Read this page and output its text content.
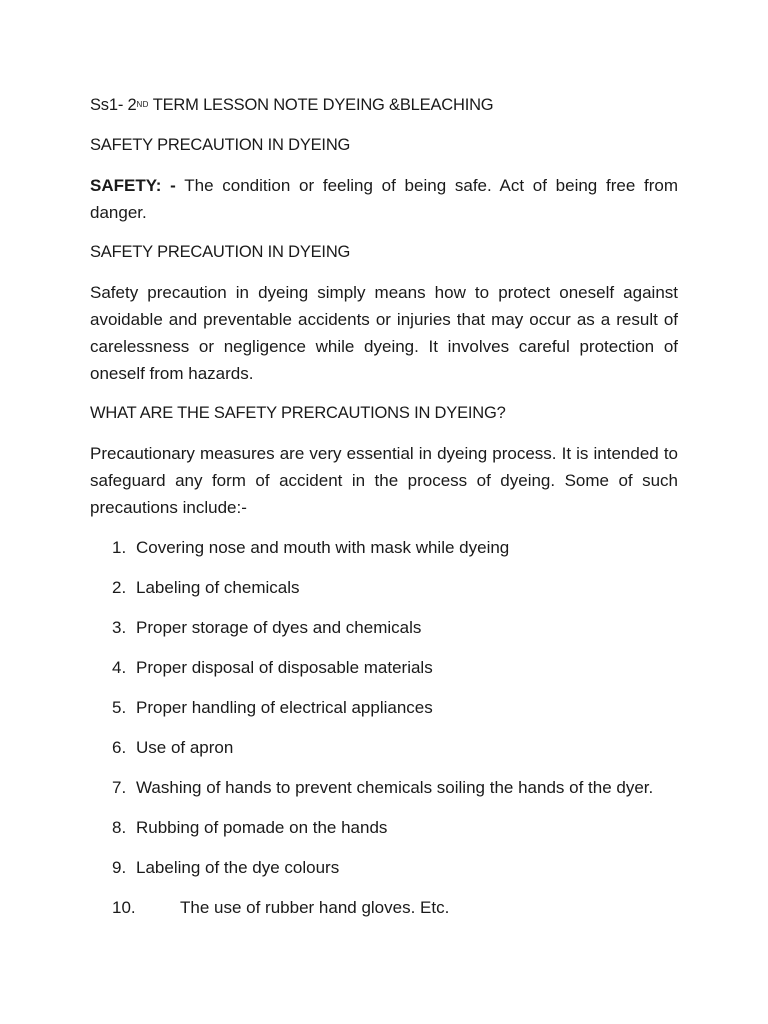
Ss1- 2ND TERM LESSON NOTE DYEING &BLEACHING
SAFETY PRECAUTION IN DYEING
SAFETY: - The condition or feeling of being safe. Act of being free from danger.
SAFETY PRECAUTION IN DYEING
Safety precaution in dyeing simply means how to protect oneself against avoidable and preventable accidents or injuries that may occur as a result of carelessness or negligence while dyeing. It involves careful protection of oneself from hazards.
WHAT ARE THE SAFETY PRERCAUTIONS IN DYEING?
Precautionary measures are very essential in dyeing process. It is intended to safeguard any form of accident in the process of dyeing. Some of such precautions include:-
1. Covering nose and mouth with mask while dyeing
2. Labeling of chemicals
3. Proper storage of dyes and chemicals
4. Proper disposal of disposable materials
5. Proper handling of electrical appliances
6. Use of apron
7. Washing of hands to prevent chemicals soiling the hands of the dyer.
8. Rubbing of pomade on the hands
9. Labeling of the dye colours
10.	The use of rubber hand gloves. Etc.
